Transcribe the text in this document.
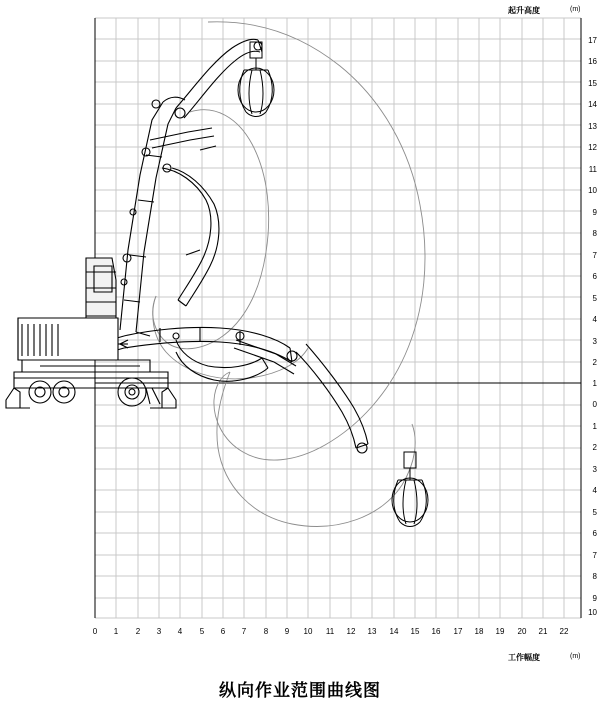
起升高度	(m)
工作幅度	(m)
17
16
15
14
13
12
11
10
9
8
7
6
5
4
3
2
1
0
1
2
3
4
5
6
7
8
9
10
0	1	2	3	4	5	6	7	8	9	10 11 12 13 14 15 16 17 18 19 20 21 22
纵向作业范围曲线图
